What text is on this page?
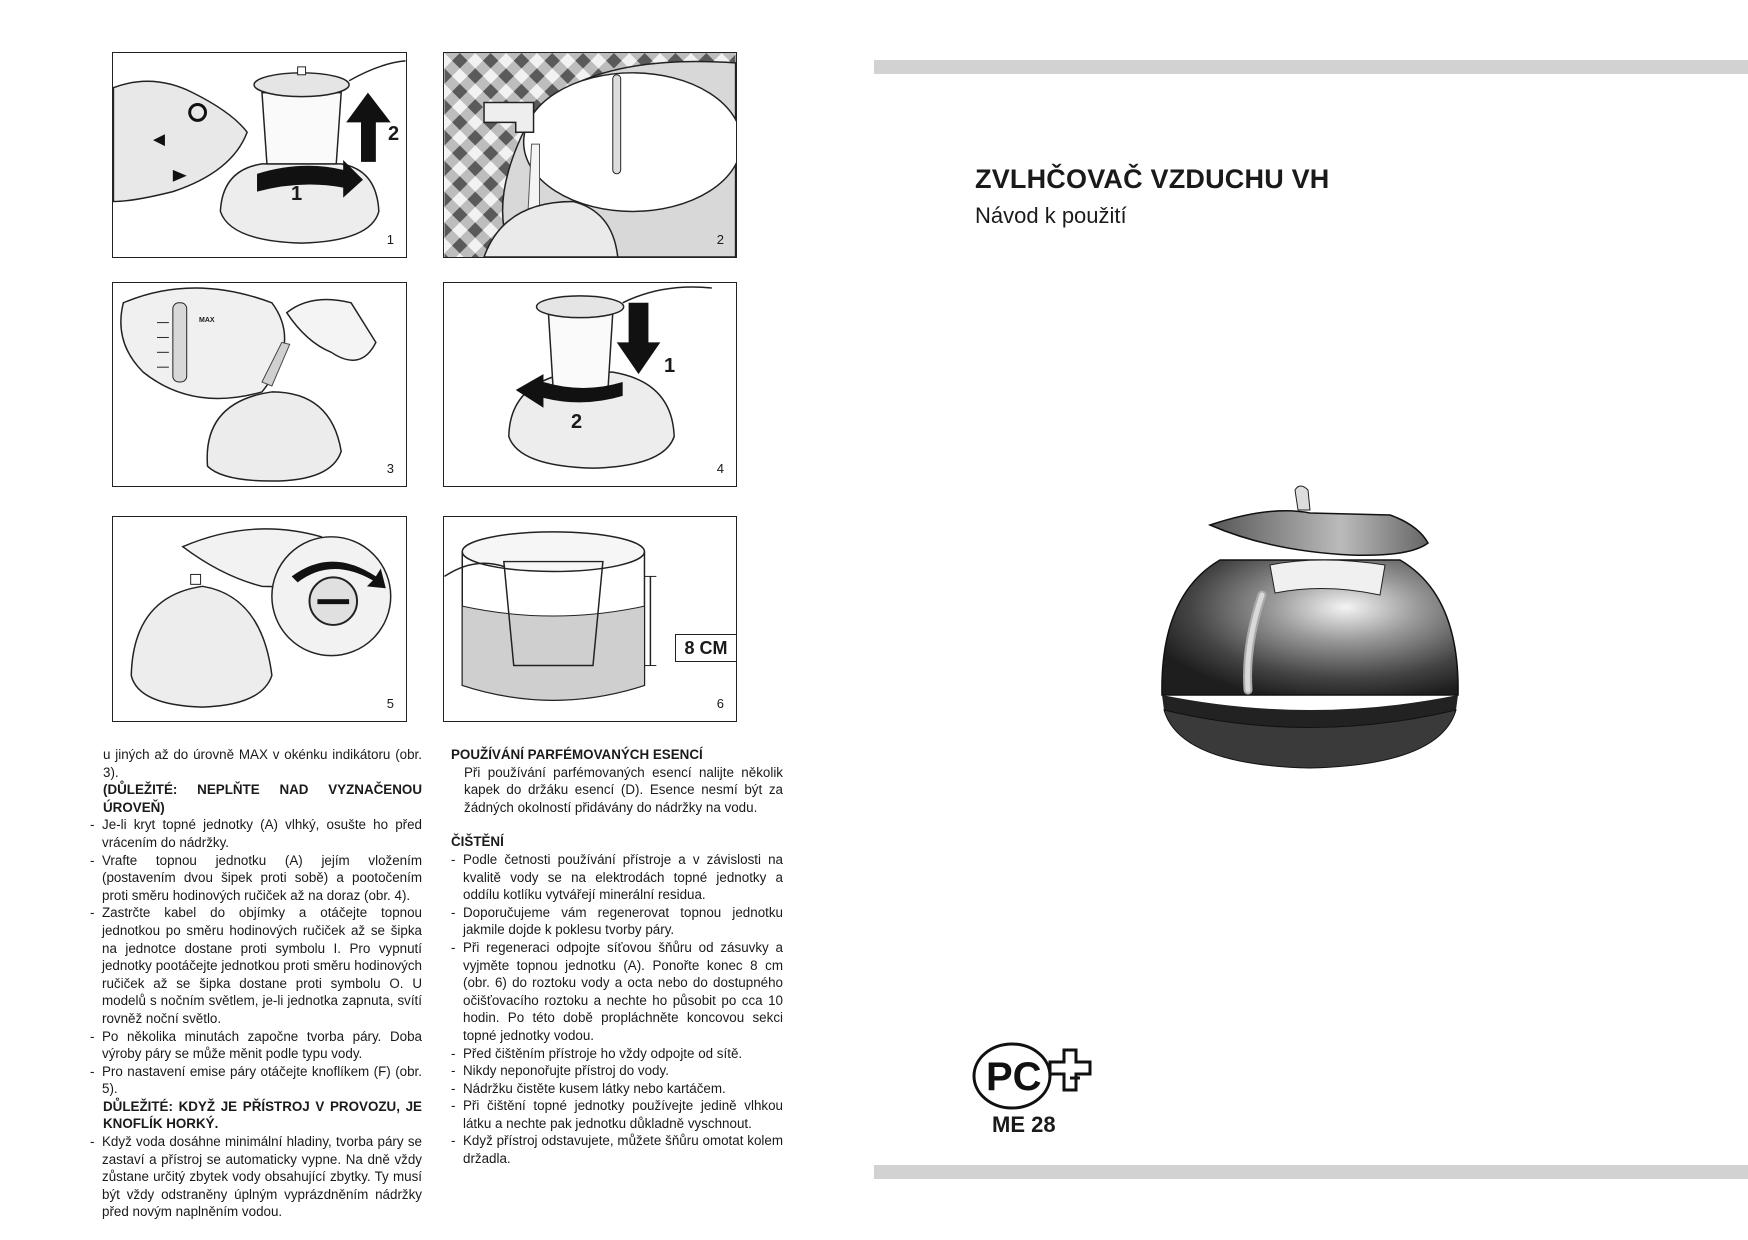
1
2
1	2
MAX
3
1
2
4
5
8 CM
6

u jiných až do úrovně MAX v okénku indikátoru (obr. 3).

(DŮLEŽITÉ: NEPLŇTE NAD VYZNAČENOU ÚROVEŇ)

- Je-li kryt topné jednotky (A) vlhký, osušte ho před vrácením do nádržky.

- Vrafte topnou jednotku (A) jejím vložením (postavením dvou šipek proti sobě) a pootočením proti směru hodinových ručiček až na doraz (obr. 4).

- Zastrčte kabel do objímky a otáčejte topnou jednotkou po směru hodinových ručiček až se šipka na jednotce dostane proti symbolu I. Pro vypnutí jednotky pootáčejte jednotkou proti směru hodinových ručiček až se šipka dostane proti symbolu O. U modelů s nočním světlem, je-li jednotka zapnuta, svítí rovněž noční světlo.

- Po několika minutách započne tvorba páry. Doba výroby páry se může měnit podle typu vody.

- Pro nastavení emise páry otáčejte knoflíkem (F) (obr. 5).

DŮLEŽITÉ: KDYŽ JE PŘÍSTROJ V PROVOZU, JE KNOFLÍK HORKÝ.

- Když voda dosáhne minimální hladiny, tvorba páry se zastaví a přístroj se automaticky vypne. Na dně vždy zůstane určitý zbytek vody obsahující zbytky. Ty musí být vždy odstraněny úplným vyprázdněním nádržky před novým naplněním vodou.

POUŽÍVÁNÍ PARFÉMOVANÝCH ESENCÍ

Při používání parfémovaných esencí nalijte několik kapek do držáku esencí (D). Esence nesmí být za žádných okolností přidávány do nádržky na vodu.

ČIŠTĚNÍ

- Podle četnosti používání přístroje a v závislosti na kvalitě vody se na elektrodách topné jednotky a oddílu kotlíku vytvářejí minerální residua.

- Doporučujeme vám regenerovat topnou jednotku jakmile dojde k poklesu tvorby páry.

- Při regeneraci odpojte síťovou šňůru od zásuvky a vyjměte topnou jednotku (A). Ponořte konec 8 cm (obr. 6) do roztoku vody a octa nebo do dostupného očišťovacího roztoku a nechte ho působit po cca 10 hodin. Po této době propláchněte koncovou sekci topné jednotky vodou.

- Před čištěním přístroje ho vždy odpojte od sítě.

- Nikdy neponořujte přístroj do vody.

- Nádržku čistěte kusem látky nebo kartáčem.

- Při čištění topné jednotky používejte jedině vlhkou látku a nechte pak jednotku důkladně vyschnout.

- Když přístroj odstavujete, můžete šňůru omotat kolem držadla.

ZVLHČOVAČ VZDUCHU VH
Návod k použití
PC
ME 28
